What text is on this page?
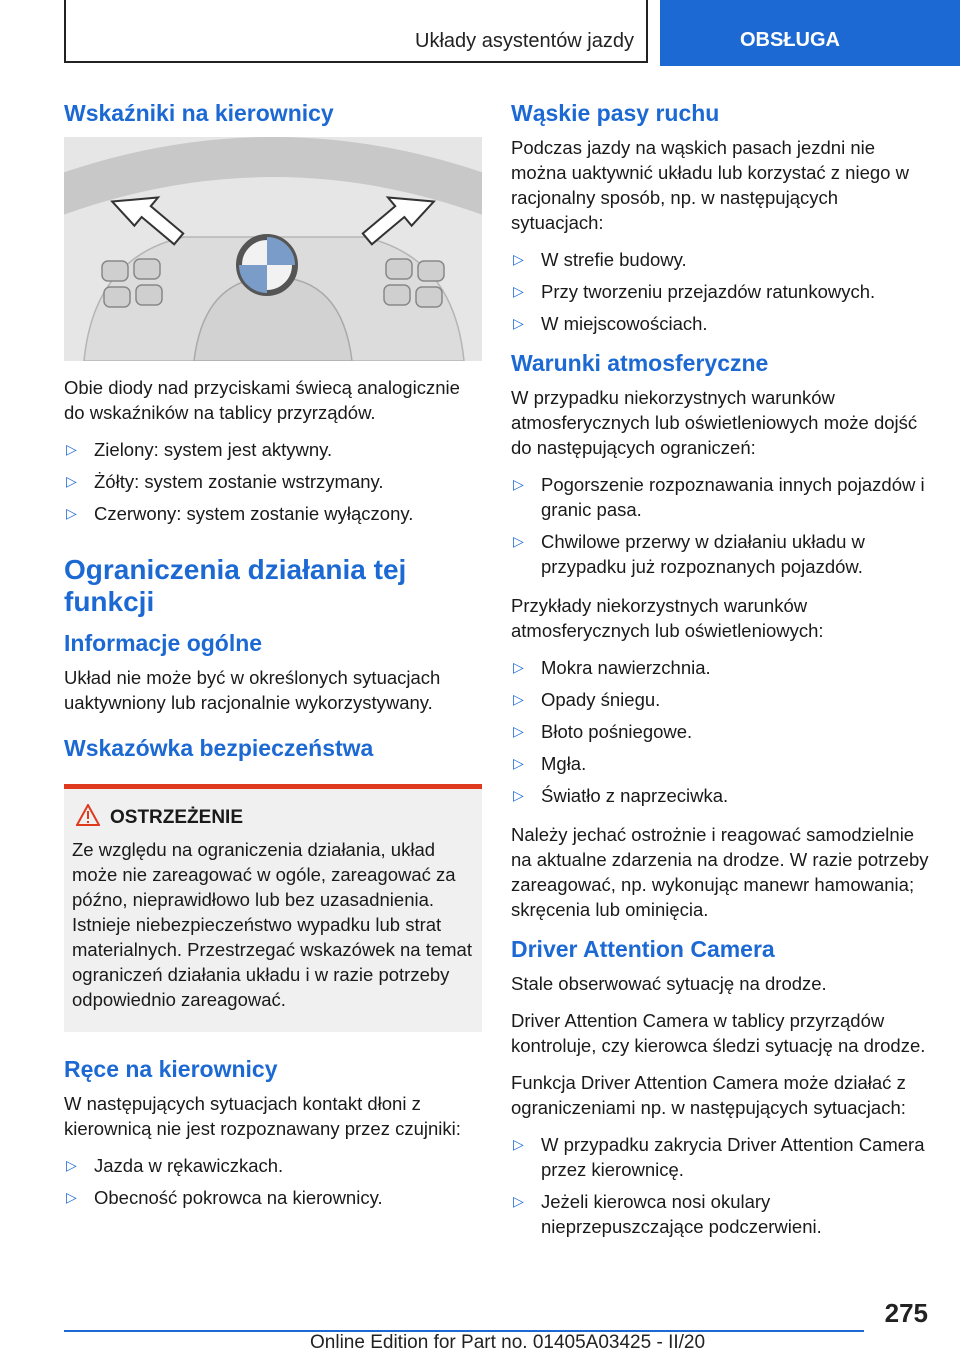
Układy asystentów jazdy	OBSŁUGA
Wskaźniki na kierownicy

Obie diody nad przyciskami świecą analogicznie do wskaźników na tablicy przyrządów.

▷ Zielony: system jest aktywny.
▷ Żółty: system zostanie wstrzymany.
▷ Czerwony: system zostanie wyłączony.
Ograniczenia działania tej funkcji
Informacje ogólne

Układ nie może być w określonych sytuacjach uaktywniony lub racjonalnie wykorzystywany.

Wskazówka bezpieczeństwa
OSTRZEŻENIE

Ze względu na ograniczenia działania, układ może nie zareagować w ogóle, zareagować za późno, nieprawidłowo lub bez uzasadnienia. Istnieje niebezpieczeństwo wypadku lub strat materialnych. Przestrzegać wskazówek na temat ograniczeń działania układu i w razie potrzeby odpowiednio zareagować.

Ręce na kierownicy

W następujących sytuacjach kontakt dłoni z kierownicą nie jest rozpoznawany przez czujniki:

▷ Jazda w rękawiczkach.
▷ Obecność pokrowca na kierownicy.
Wąskie pasy ruchu

Podczas jazdy na wąskich pasach jezdni nie można uaktywnić układu lub korzystać z niego w racjonalny sposób, np. w następujących sytuacjach:

▷ W strefie budowy.
▷ Przy tworzeniu przejazdów ratunkowych.
▷ W miejscowościach.
Warunki atmosferyczne

W przypadku niekorzystnych warunków atmosferycznych lub oświetleniowych może dojść do następujących ograniczeń:

▷ Pogorszenie rozpoznawania innych pojazdów i granic pasa.
▷ Chwilowe przerwy w działaniu układu w przypadku już rozpoznanych pojazdów.

Przykłady niekorzystnych warunków atmosferycznych lub oświetleniowych:

▷ Mokra nawierzchnia.
▷ Opady śniegu.
▷ Błoto pośniegowe.
▷ Mgła.
▷ Światło z naprzeciwka.

Należy jechać ostrożnie i reagować samodzielnie na aktualne zdarzenia na drodze. W razie potrzeby zareagować, np. wykonując manewr hamowania; skręcenia lub ominięcia.

Driver Attention Camera

Stale obserwować sytuację na drodze.

Driver Attention Camera w tablicy przyrządów kontroluje, czy kierowca śledzi sytuację na drodze.

Funkcja Driver Attention Camera może działać z ograniczeniami np. w następujących sytuacjach:

▷ W przypadku zakrycia Driver Attention Camera przez kierownicę.
▷ Jeżeli kierowca nosi okulary nieprzepuszczające podczerwieni.
275
Online Edition for Part no. 01405A03425 - II/20
